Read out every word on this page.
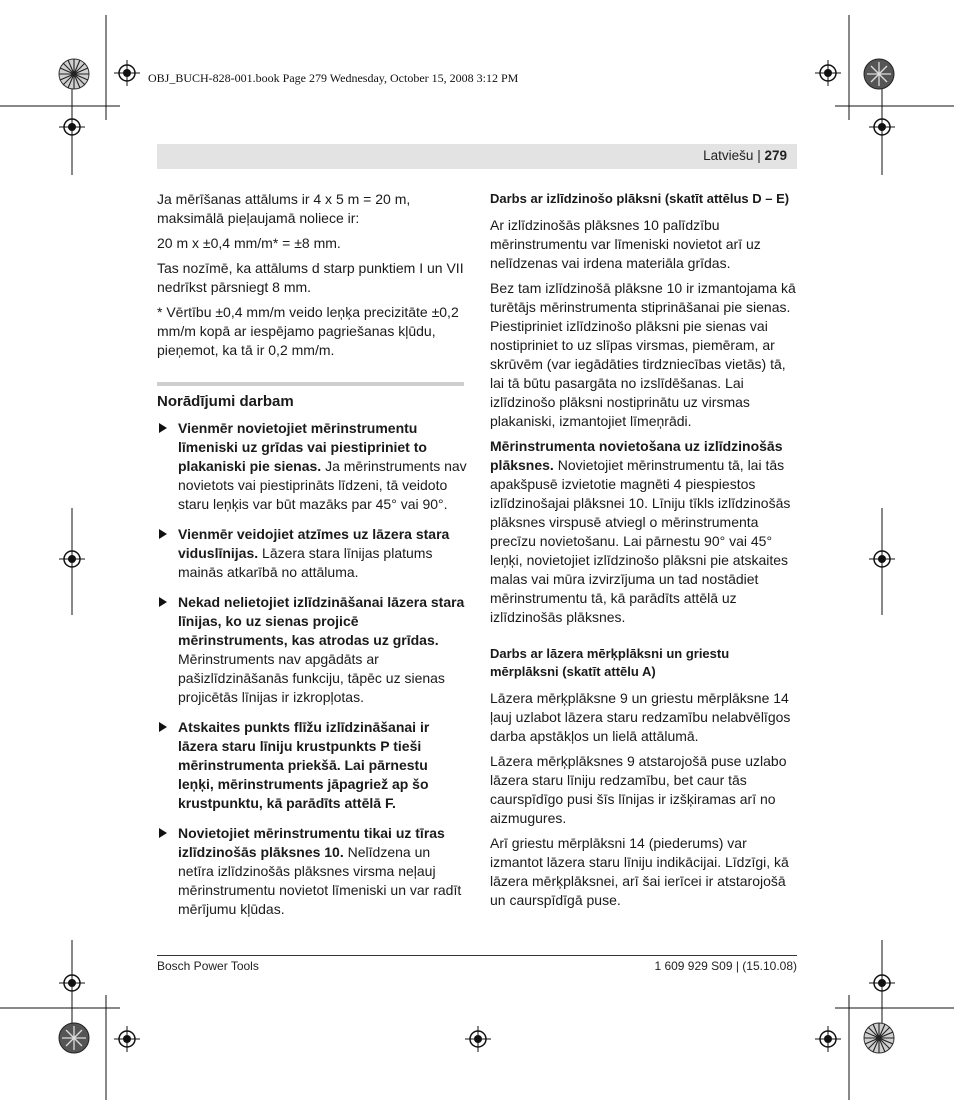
OBJ_BUCH-828-001.book Page 279 Wednesday, October 15, 2008 3:12 PM
Latviešu | 279

Ja mērīšanas attālums ir 4 x 5 m = 20 m, maksimālā pieļaujamā noliece ir:

20 m x ±0,4 mm/m* = ±8 mm.

Tas nozīmē, ka attālums d starp punktiem I un VII nedrīkst pārsniegt 8 mm.

* Vērtību ±0,4 mm/m veido leņķa precizitāte ±0,2 mm/m kopā ar iespējamo pagriešanas kļūdu, pieņemot, ka tā ir 0,2 mm/m.

Norādījumi darbam
Vienmēr novietojiet mērinstrumentu līmeniski uz grīdas vai piestipriniet to plakaniski pie sienas. Ja mērinstruments nav novietots vai piestiprināts līdzeni, tā veidoto staru leņķis var būt mazāks par 45° vai 90°.
Vienmēr veidojiet atzīmes uz lāzera stara viduslīnijas. Lāzera stara līnijas platums mainās atkarībā no attāluma.
Nekad nelietojiet izlīdzināšanai lāzera stara līnijas, ko uz sienas projicē mērinstruments, kas atrodas uz grīdas. Mērinstruments nav apgādāts ar pašizlīdzināšanās funkciju, tāpēc uz sienas projicētās līnijas ir izkropļotas.
Atskaites punkts flīžu izlīdzināšanai ir lāzera staru līniju krustpunkts P tieši mērinstrumenta priekšā. Lai pārnestu leņķi, mērinstruments jāpagriež ap šo krustpunktu, kā parādīts attēlā F.
Novietojiet mērinstrumentu tikai uz tīras izlīdzinošās plāksnes 10. Nelīdzena un netīra izlīdzinošās plāksnes virsma neļauj mērinstrumentu novietot līmeniski un var radīt mērījumu kļūdas.
Darbs ar izlīdzinošo plāksni (skatīt attēlus D – E)

Ar izlīdzinošās plāksnes 10 palīdzību mērinstrumentu var līmeniski novietot arī uz nelīdzenas vai irdena materiāla grīdas.

Bez tam izlīdzinošā plāksne 10 ir izmantojama kā turētājs mērinstrumenta stiprināšanai pie sienas. Piestipriniet izlīdzinošo plāksni pie sienas vai nostipriniet to uz slīpas virsmas, piemēram, ar skrūvēm (var iegādāties tirdzniecības vietās) tā, lai tā būtu pasargāta no izslīdēšanas. Lai izlīdzinošo plāksni nostiprinātu uz virsmas plakaniski, izmantojiet līmeņrādi.

Mērinstrumenta novietošana uz izlīdzinošās plāksnes. Novietojiet mērinstrumentu tā, lai tās apakšpusē izvietotie magnēti 4 piespiestos izlīdzinošajai plāksnei 10. Līniju tīkls izlīdzinošās plāksnes virspusē atviegl o mērinstrumenta precīzu novietošanu. Lai pārnestu 90° vai 45° leņķi, novietojiet izlīdzinošo plāksni pie atskaites malas vai mūra izvirzījuma un tad nostādiet mērinstrumentu tā, kā parādīts attēlā uz izlīdzinošās plāksnes.

Darbs ar lāzera mērķplāksni un griestu mērplāksni (skatīt attēlu A)

Lāzera mērķplāksne 9 un griestu mērplāksne 14 ļauj uzlabot lāzera staru redzamību nelabvēlīgos darba apstākļos un lielā attālumā.

Lāzera mērķplāksnes 9 atstarojošā puse uzlabo lāzera staru līniju redzamību, bet caur tās caurspīdīgo pusi šīs līnijas ir izšķiramas arī no aizmugures.

Arī griestu mērplāksni 14 (piederums) var izmantot lāzera staru līniju indikācijai. Līdzīgi, kā lāzera mērķplāksnei, arī šai ierīcei ir atstarojošā un caurspīdīgā puse.

Bosch Power Tools	1 609 929 S09 | (15.10.08)
